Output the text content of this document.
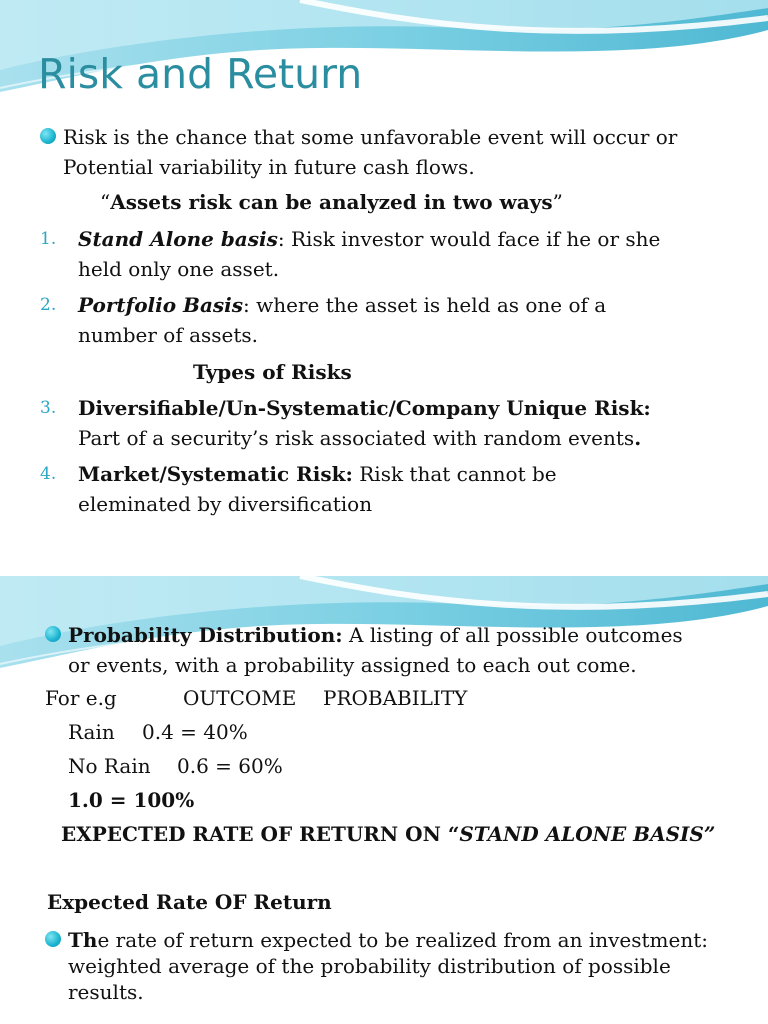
Risk and Return
Risk is the chance that some unfavorable event will occur or
Potential variability in future cash flows.
“Assets risk can be analyzed in two ways”
1. Stand Alone basis: Risk investor would face if he or she
held only one asset.
2. Portfolio Basis: where the asset is held as one of a
number of assets.
Types of Risks
3. Diversifiable/Un-Systematic/Company Unique Risk:
Part of a security’s risk associated with random events.
4. Market/Systematic Risk: Risk that cannot be
eleminated by diversification
Probability Distribution: A listing of all possible outcomes
or events, with a probability assigned to each out come.
For e.g	OUTCOME PROBABILITY
Rain 0.4 = 40%
No Rain 0.6 = 60%
1.0 = 100%
EXPECTED RATE OF RETURN ON “STAND ALONE BASIS”
Expected Rate OF Return
The rate of return expected to be realized from an investment:
weighted average of the probability distribution of possible
results.
